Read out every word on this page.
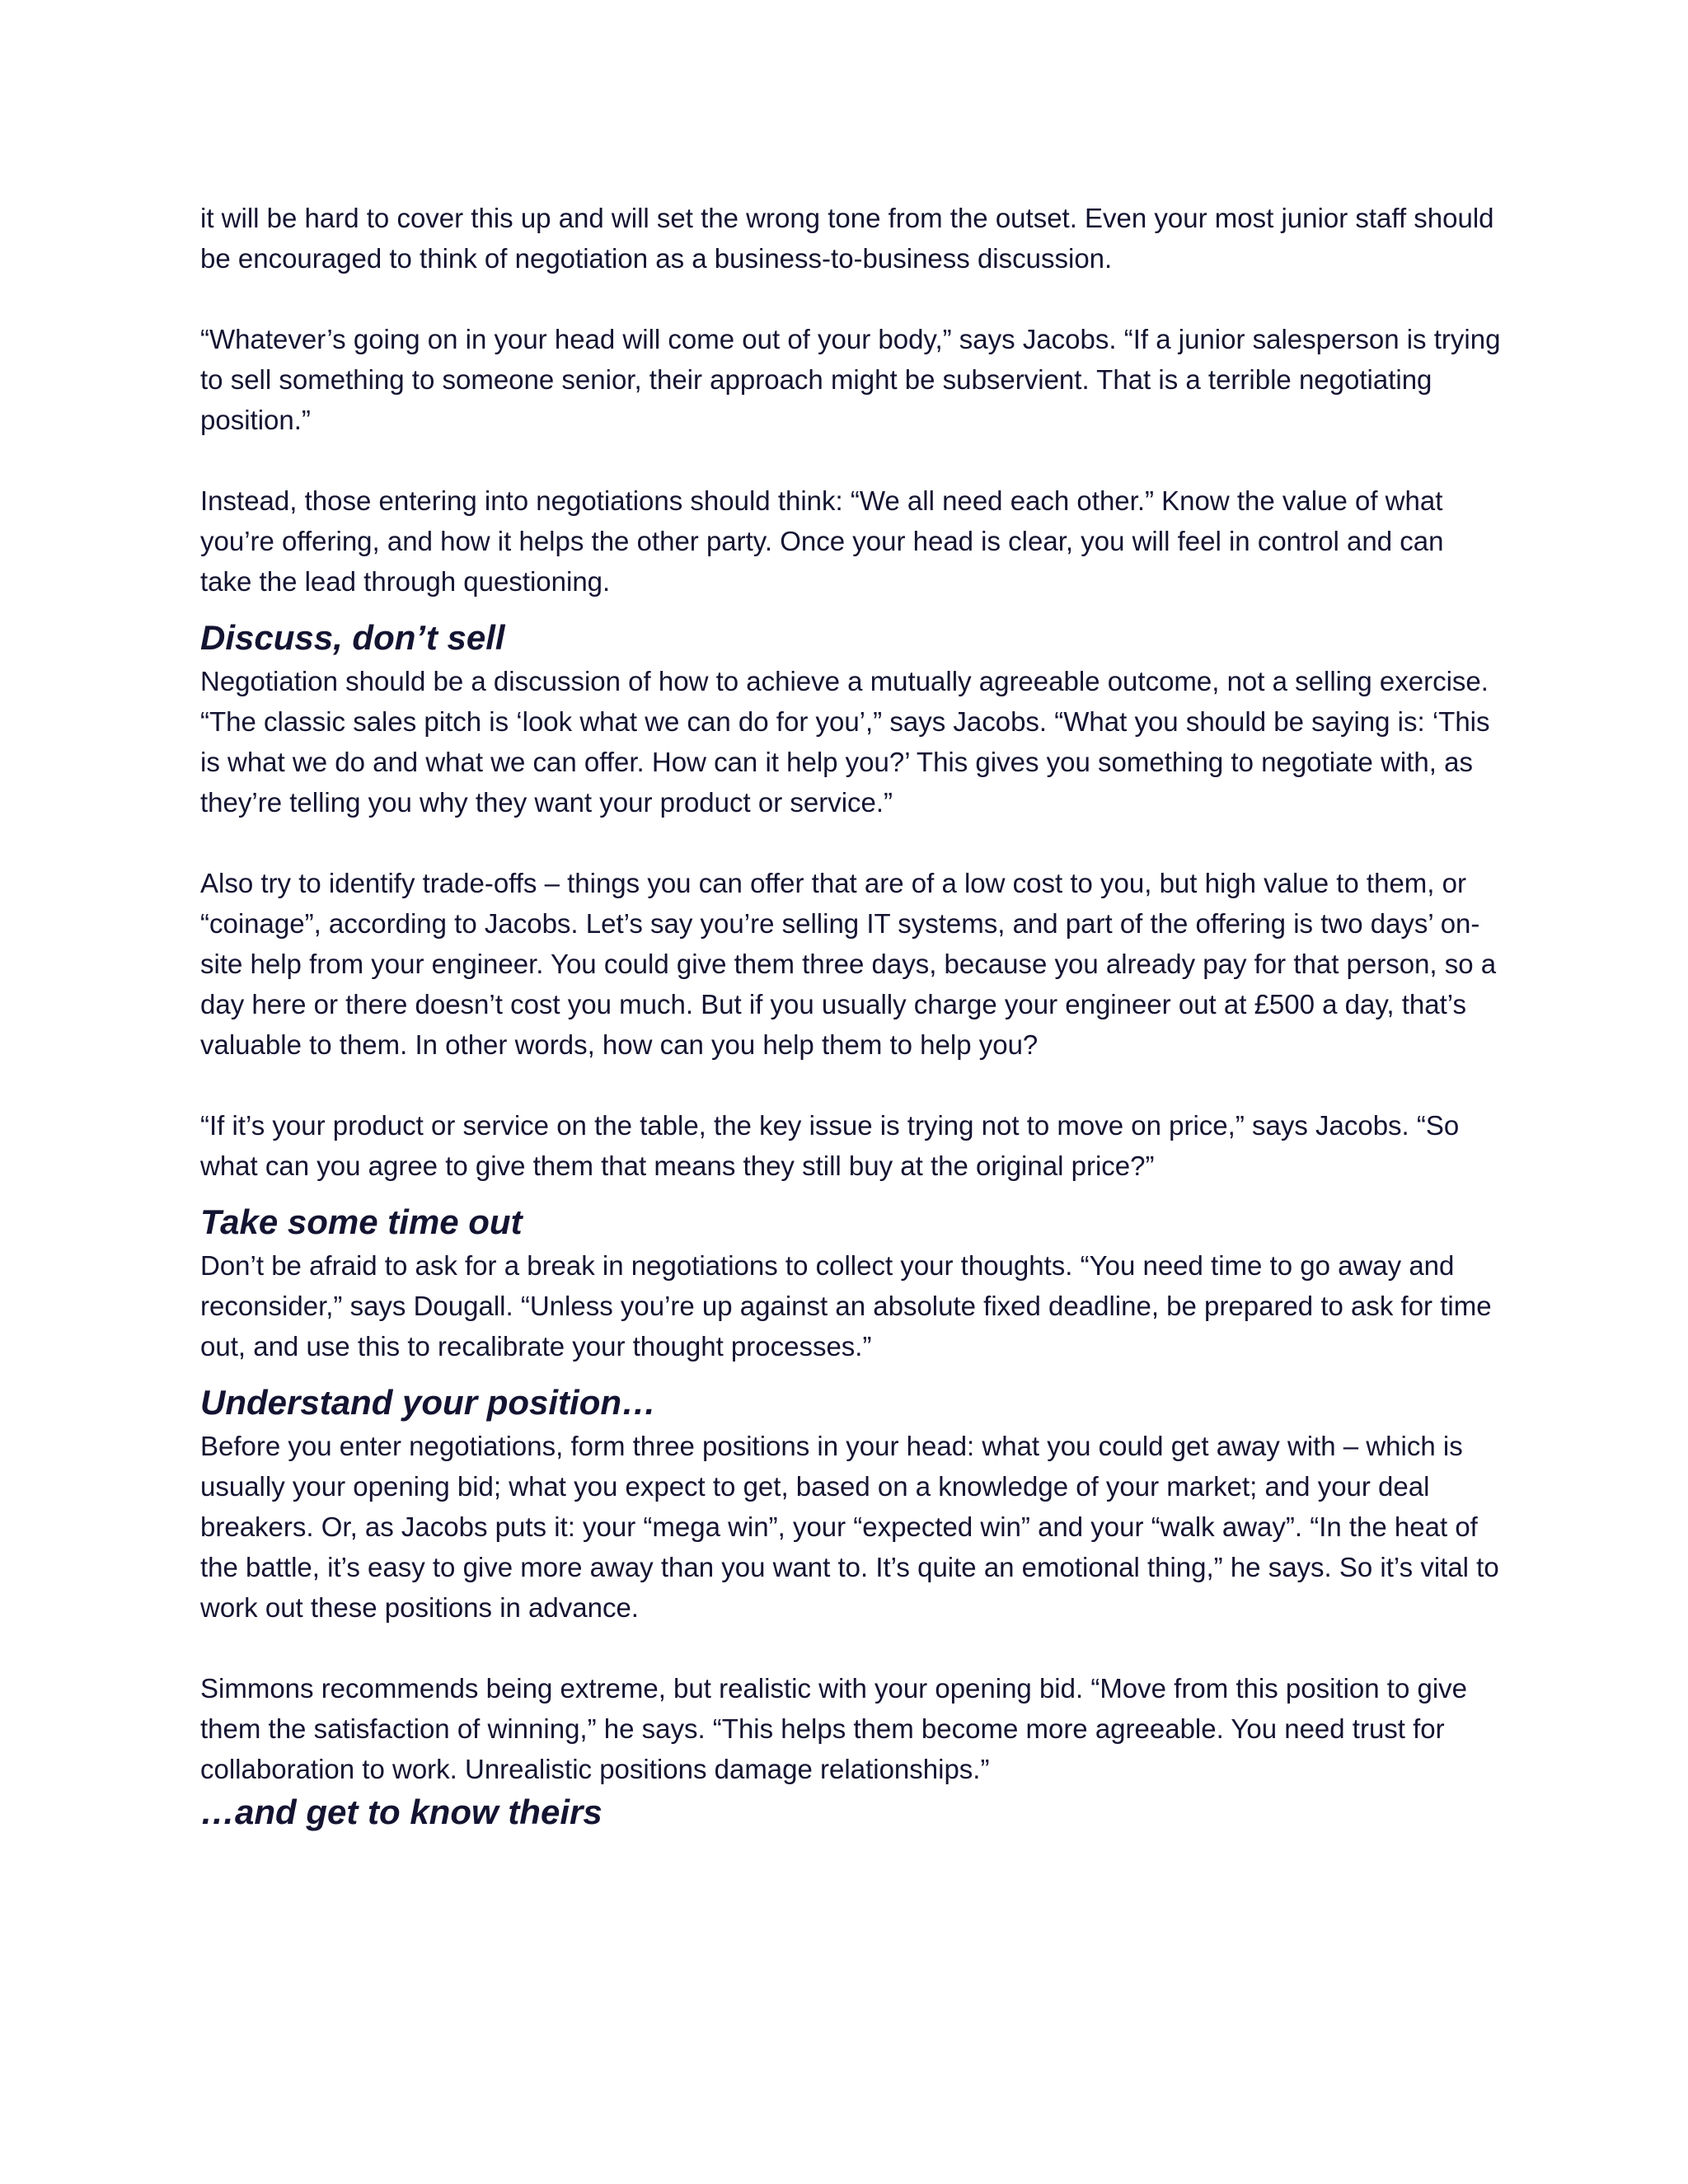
it will be hard to cover this up and will set the wrong tone from the outset. Even your most junior staff should be encouraged to think of negotiation as a business-to-business discussion.

“Whatever’s going on in your head will come out of your body,” says Jacobs. “If a junior salesperson is trying to sell something to someone senior, their approach might be subservient. That is a terrible negotiating position.”

Instead, those entering into negotiations should think: “We all need each other.” Know the value of what you’re offering, and how it helps the other party. Once your head is clear, you will feel in control and can take the lead through questioning.

Discuss, don’t sell

Negotiation should be a discussion of how to achieve a mutually agreeable outcome, not a selling exercise. “The classic sales pitch is ‘look what we can do for you’,” says Jacobs. “What you should be saying is: ‘This is what we do and what we can offer. How can it help you?’ This gives you something to negotiate with, as they’re telling you why they want your product or service.”

Also try to identify trade-offs – things you can offer that are of a low cost to you, but high value to them, or “coinage”, according to Jacobs. Let’s say you’re selling IT systems, and part of the offering is two days’ on-site help from your engineer. You could give them three days, because you already pay for that person, so a day here or there doesn’t cost you much. But if you usually charge your engineer out at £500 a day, that’s valuable to them. In other words, how can you help them to help you?

“If it’s your product or service on the table, the key issue is trying not to move on price,” says Jacobs. “So what can you agree to give them that means they still buy at the original price?”

Take some time out

Don’t be afraid to ask for a break in negotiations to collect your thoughts. “You need time to go away and reconsider,” says Dougall. “Unless you’re up against an absolute fixed deadline, be prepared to ask for time out, and use this to recalibrate your thought processes.”

Understand your position…

Before you enter negotiations, form three positions in your head: what you could get away with – which is usually your opening bid; what you expect to get, based on a knowledge of your market; and your deal breakers. Or, as Jacobs puts it: your “mega win”, your “expected win” and your “walk away”. “In the heat of the battle, it’s easy to give more away than you want to. It’s quite an emotional thing,” he says. So it’s vital to work out these positions in advance.

Simmons recommends being extreme, but realistic with your opening bid. “Move from this position to give them the satisfaction of winning,” he says. “This helps them become more agreeable. You need trust for collaboration to work. Unrealistic positions damage relationships.”

…and get to know theirs
